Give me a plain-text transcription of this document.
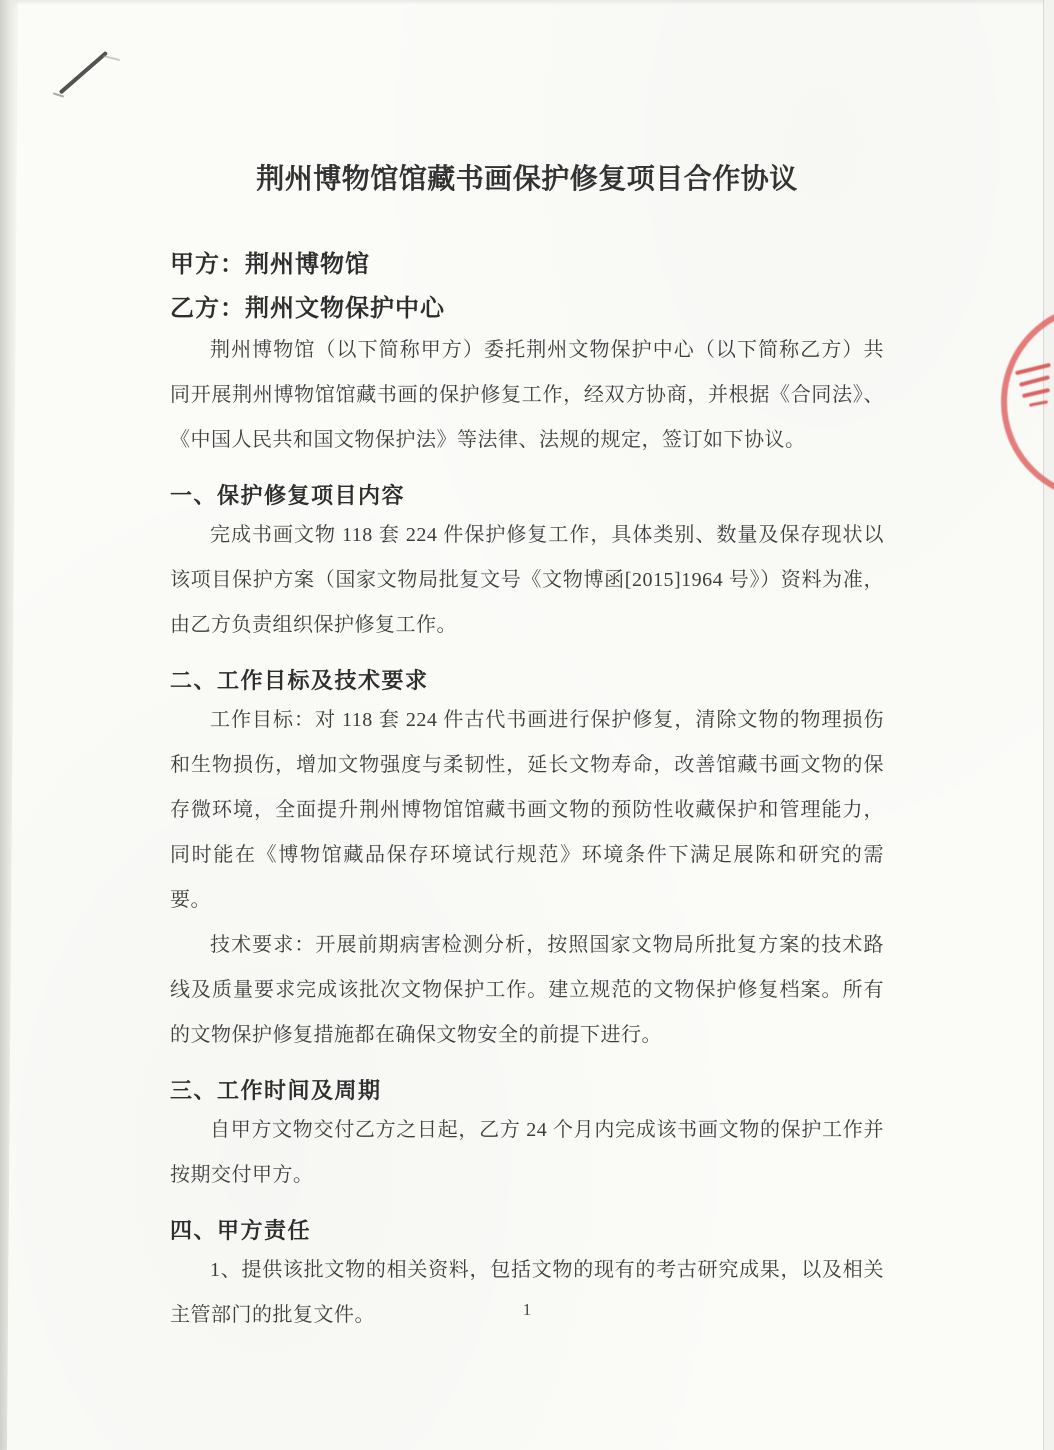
荆州博物馆馆藏书画保护修复项目合作协议

甲方：荆州博物馆

乙方：荆州文物保护中心

荆州博物馆（以下简称甲方）委托荆州文物保护中心（以下简称乙方）共同开展荆州博物馆馆藏书画的保护修复工作，经双方协商，并根据《合同法》、《中国人民共和国文物保护法》等法律、法规的规定，签订如下协议。

一、保护修复项目内容

完成书画文物 118 套 224 件保护修复工作，具体类别、数量及保存现状以该项目保护方案（国家文物局批复文号《文物博函[2015]1964 号》）资料为准，由乙方负责组织保护修复工作。

二、工作目标及技术要求

工作目标：对 118 套 224 件古代书画进行保护修复，清除文物的物理损伤和生物损伤，增加文物强度与柔韧性，延长文物寿命，改善馆藏书画文物的保存微环境，全面提升荆州博物馆馆藏书画文物的预防性收藏保护和管理能力，同时能在《博物馆藏品保存环境试行规范》环境条件下满足展陈和研究的需要。

技术要求：开展前期病害检测分析，按照国家文物局所批复方案的技术路线及质量要求完成该批次文物保护工作。建立规范的文物保护修复档案。所有的文物保护修复措施都在确保文物安全的前提下进行。

三、工作时间及周期

自甲方文物交付乙方之日起，乙方 24 个月内完成该书画文物的保护工作并按期交付甲方。

四、甲方责任

1、提供该批文物的相关资料，包括文物的现有的考古研究成果，以及相关主管部门的批复文件。	1
